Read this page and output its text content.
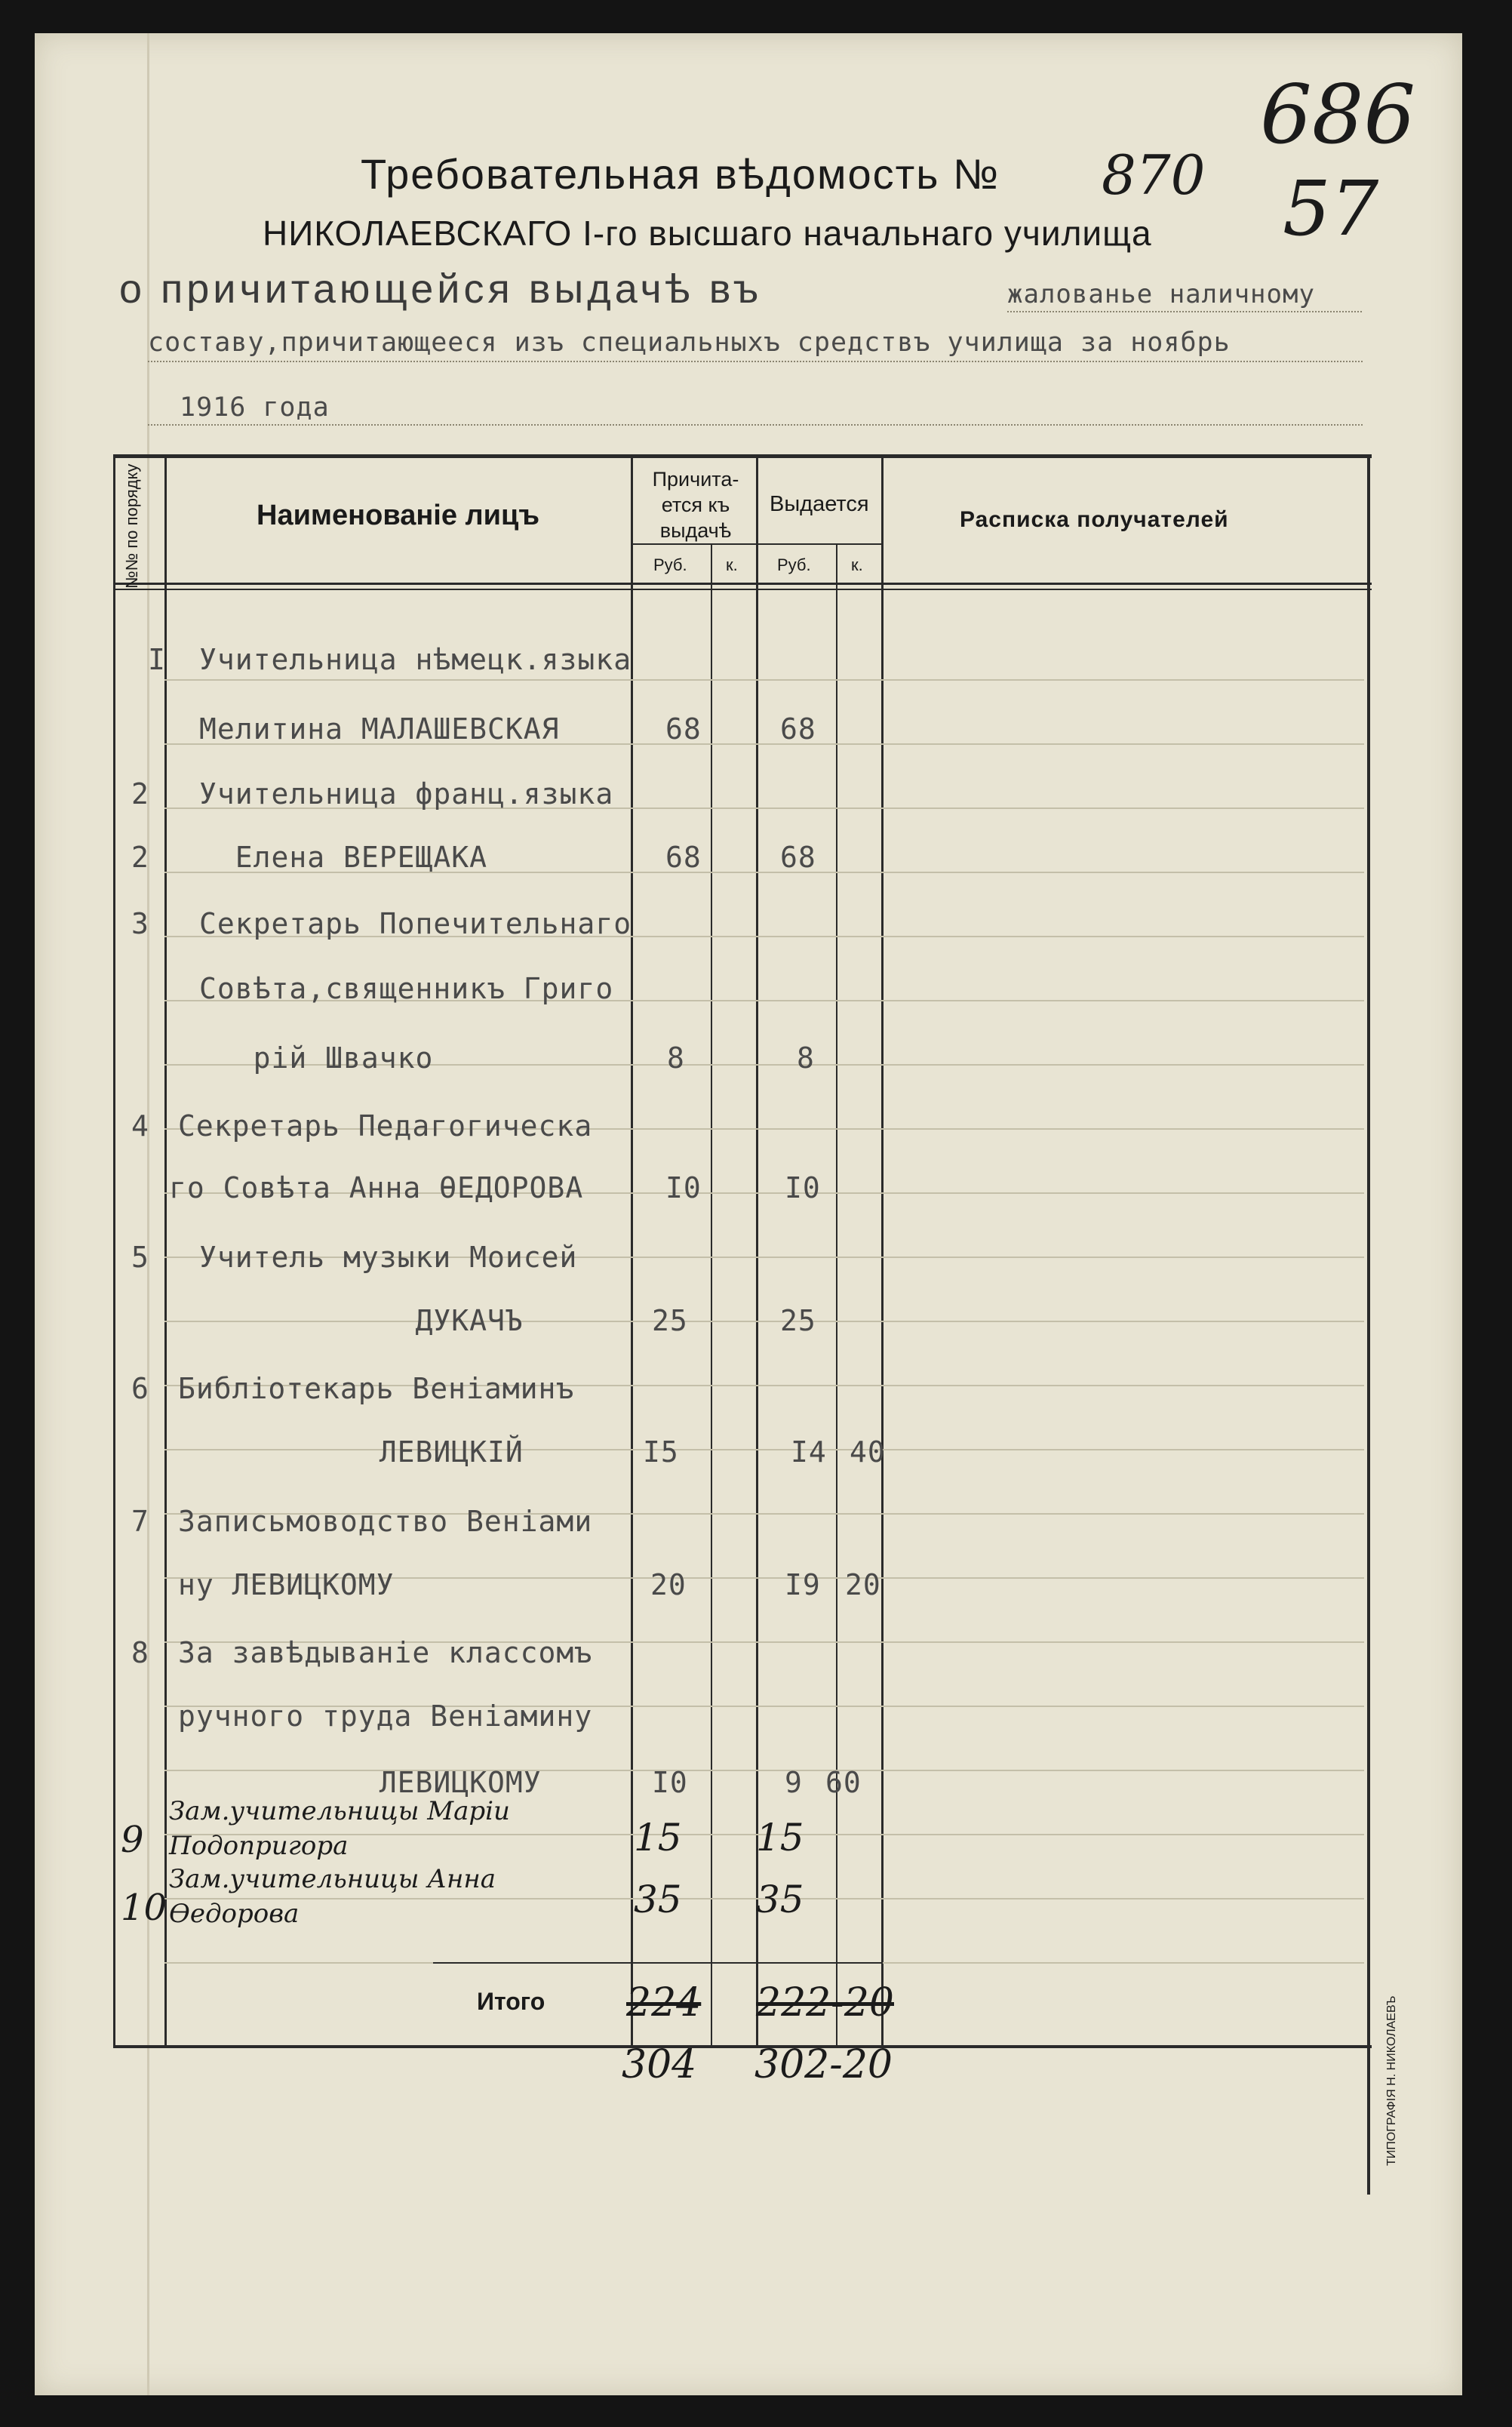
686
57
Требовательная вѣдомость № 870
НИКОЛАЕВСКАГО І-го высшаго начальнаго училища
о причитающейся выдачѣ въ	жалованье наличному
составу,причитающееся изъ специальныхъ средствъ училища за ноябрь
1916 года
№№ по порядку	Наименованіе лицъ
Причита-ется къ выдачѣ
Выдается
Расписка получателей
Руб. к. Руб. к.
I Учительница нѣмецк.языка
Мелитина МАЛАШЕВСКАЯ	68	68
2 Учительница франц.языка
2 Елена ВЕРЕЩАКА	68	68
3 Секретарь Попечительнаго
Совѣта,священникъ Григо
рій Швачко	8	8
4 Секретарь Педагогическа
го Совѣта Анна ѲЕДОРОВА	I0	I0
5 Учитель музыки Моисей
ДУКАЧЪ	25	25
6 Библіотекарь Веніаминъ
ЛЕВИЦКІЙ	I5	I4 40
7 Записьмоводство Веніами
ну ЛЕВИЦКОМУ	20	I9 20
8 За завѣдываніе классомъ
ручного труда Веніамину
ЛЕВИЦКОМУ	I0	9 60
9
Зам.учительницы Маріи
Подопригора	15 15
10
Зам.учительницы Анна
Ѳедорова	35 35
Итого 224 222-20
304 302-20	ТИПОГРАФІЯ Н. НИКОЛАЕВЪ
